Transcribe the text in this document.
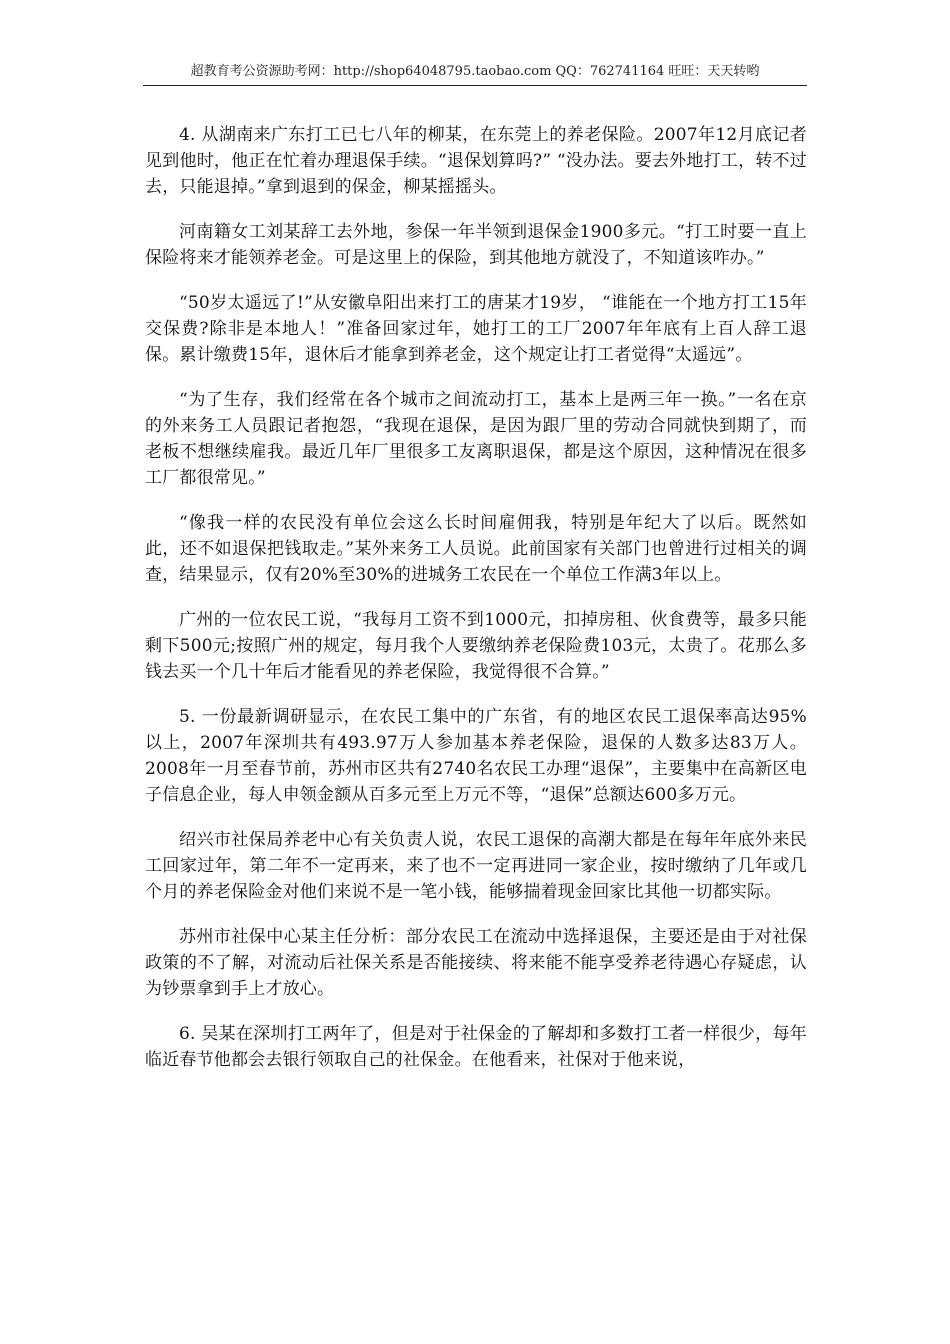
超教育考公资源助考网：http://shop64048795.taobao.com QQ：762741164 旺旺：天天转哟

4. 从湖南来广东打工已七八年的柳某，在东莞上的养老保险。2007年12月底记者见到他时，他正在忙着办理退保手续。“退保划算吗?” “没办法。要去外地打工，转不过去，只能退掉。”拿到退到的保金，柳某摇摇头。

河南籍女工刘某辞工去外地，参保一年半领到退保金1900多元。“打工时要一直上保险将来才能领养老金。可是这里上的保险，到其他地方就没了，不知道该咋办。”

“50岁太遥远了!”从安徽阜阳出来打工的唐某才19岁， “谁能在一个地方打工15年交保费?除非是本地人！”准备回家过年，她打工的工厂2007年年底有上百人辞工退保。累计缴费15年，退休后才能拿到养老金，这个规定让打工者觉得“太遥远”。

“为了生存，我们经常在各个城市之间流动打工，基本上是两三年一换。”一名在京的外来务工人员跟记者抱怨，“我现在退保，是因为跟厂里的劳动合同就快到期了，而老板不想继续雇我。最近几年厂里很多工友离职退保，都是这个原因，这种情况在很多工厂都很常见。”

“像我一样的农民没有单位会这么长时间雇佣我，特别是年纪大了以后。既然如此，还不如退保把钱取走。”某外来务工人员说。此前国家有关部门也曾进行过相关的调查，结果显示，仅有20%至30%的进城务工农民在一个单位工作满3年以上。

广州的一位农民工说，“我每月工资不到1000元，扣掉房租、伙食费等，最多只能剩下500元;按照广州的规定，每月我个人要缴纳养老保险费103元，太贵了。花那么多钱去买一个几十年后才能看见的养老保险，我觉得很不合算。”

5. 一份最新调研显示，在农民工集中的广东省，有的地区农民工退保率高达95%以上，2007年深圳共有493.97万人参加基本养老保险，退保的人数多达83万人。2008年一月至春节前，苏州市区共有2740名农民工办理“退保”，主要集中在高新区电子信息企业，每人申领金额从百多元至上万元不等，“退保”总额达600多万元。

绍兴市社保局养老中心有关负责人说，农民工退保的高潮大都是在每年年底外来民工回家过年，第二年不一定再来，来了也不一定再进同一家企业，按时缴纳了几年或几个月的养老保险金对他们来说不是一笔小钱，能够揣着现金回家比其他一切都实际。

苏州市社保中心某主任分析：部分农民工在流动中选择退保，主要还是由于对社保政策的不了解，对流动后社保关系是否能接续、将来能不能享受养老待遇心存疑虑，认为钞票拿到手上才放心。

6. 吴某在深圳打工两年了，但是对于社保金的了解却和多数打工者一样很少，每年临近春节他都会去银行领取自己的社保金。在他看来，社保对于他来说，
